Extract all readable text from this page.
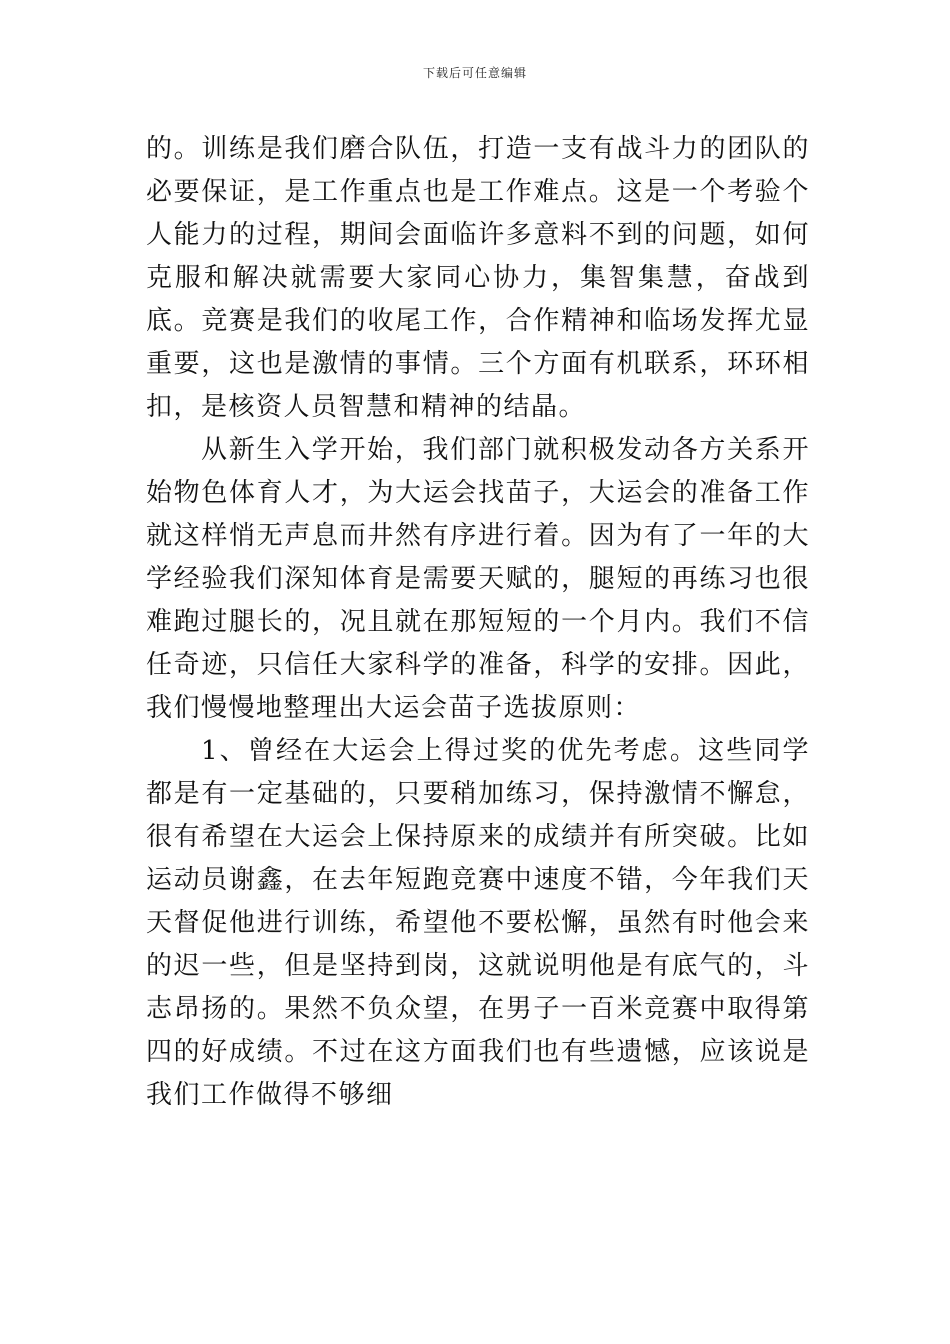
下载后可任意编辑

的。训练是我们磨合队伍，打造一支有战斗力的团队的必要保证，是工作重点也是工作难点。这是一个考验个人能力的过程，期间会面临许多意料不到的问题，如何克服和解决就需要大家同心协力，集智集慧，奋战到底。竞赛是我们的收尾工作，合作精神和临场发挥尤显重要，这也是激情的事情。三个方面有机联系，环环相扣，是核资人员智慧和精神的结晶。

从新生入学开始，我们部门就积极发动各方关系开始物色体育人才，为大运会找苗子，大运会的准备工作就这样悄无声息而井然有序进行着。因为有了一年的大学经验我们深知体育是需要天赋的，腿短的再练习也很难跑过腿长的，况且就在那短短的一个月内。我们不信任奇迹，只信任大家科学的准备，科学的安排。因此，我们慢慢地整理出大运会苗子选拔原则：

1、曾经在大运会上得过奖的优先考虑。这些同学都是有一定基础的，只要稍加练习，保持激情不懈怠，很有希望在大运会上保持原来的成绩并有所突破。比如运动员谢鑫，在去年短跑竞赛中速度不错，今年我们天天督促他进行训练，希望他不要松懈，虽然有时他会来的迟一些，但是坚持到岗，这就说明他是有底气的，斗志昂扬的。果然不负众望，在男子一百米竞赛中取得第四的好成绩。不过在这方面我们也有些遗憾，应该说是我们工作做得不够细
